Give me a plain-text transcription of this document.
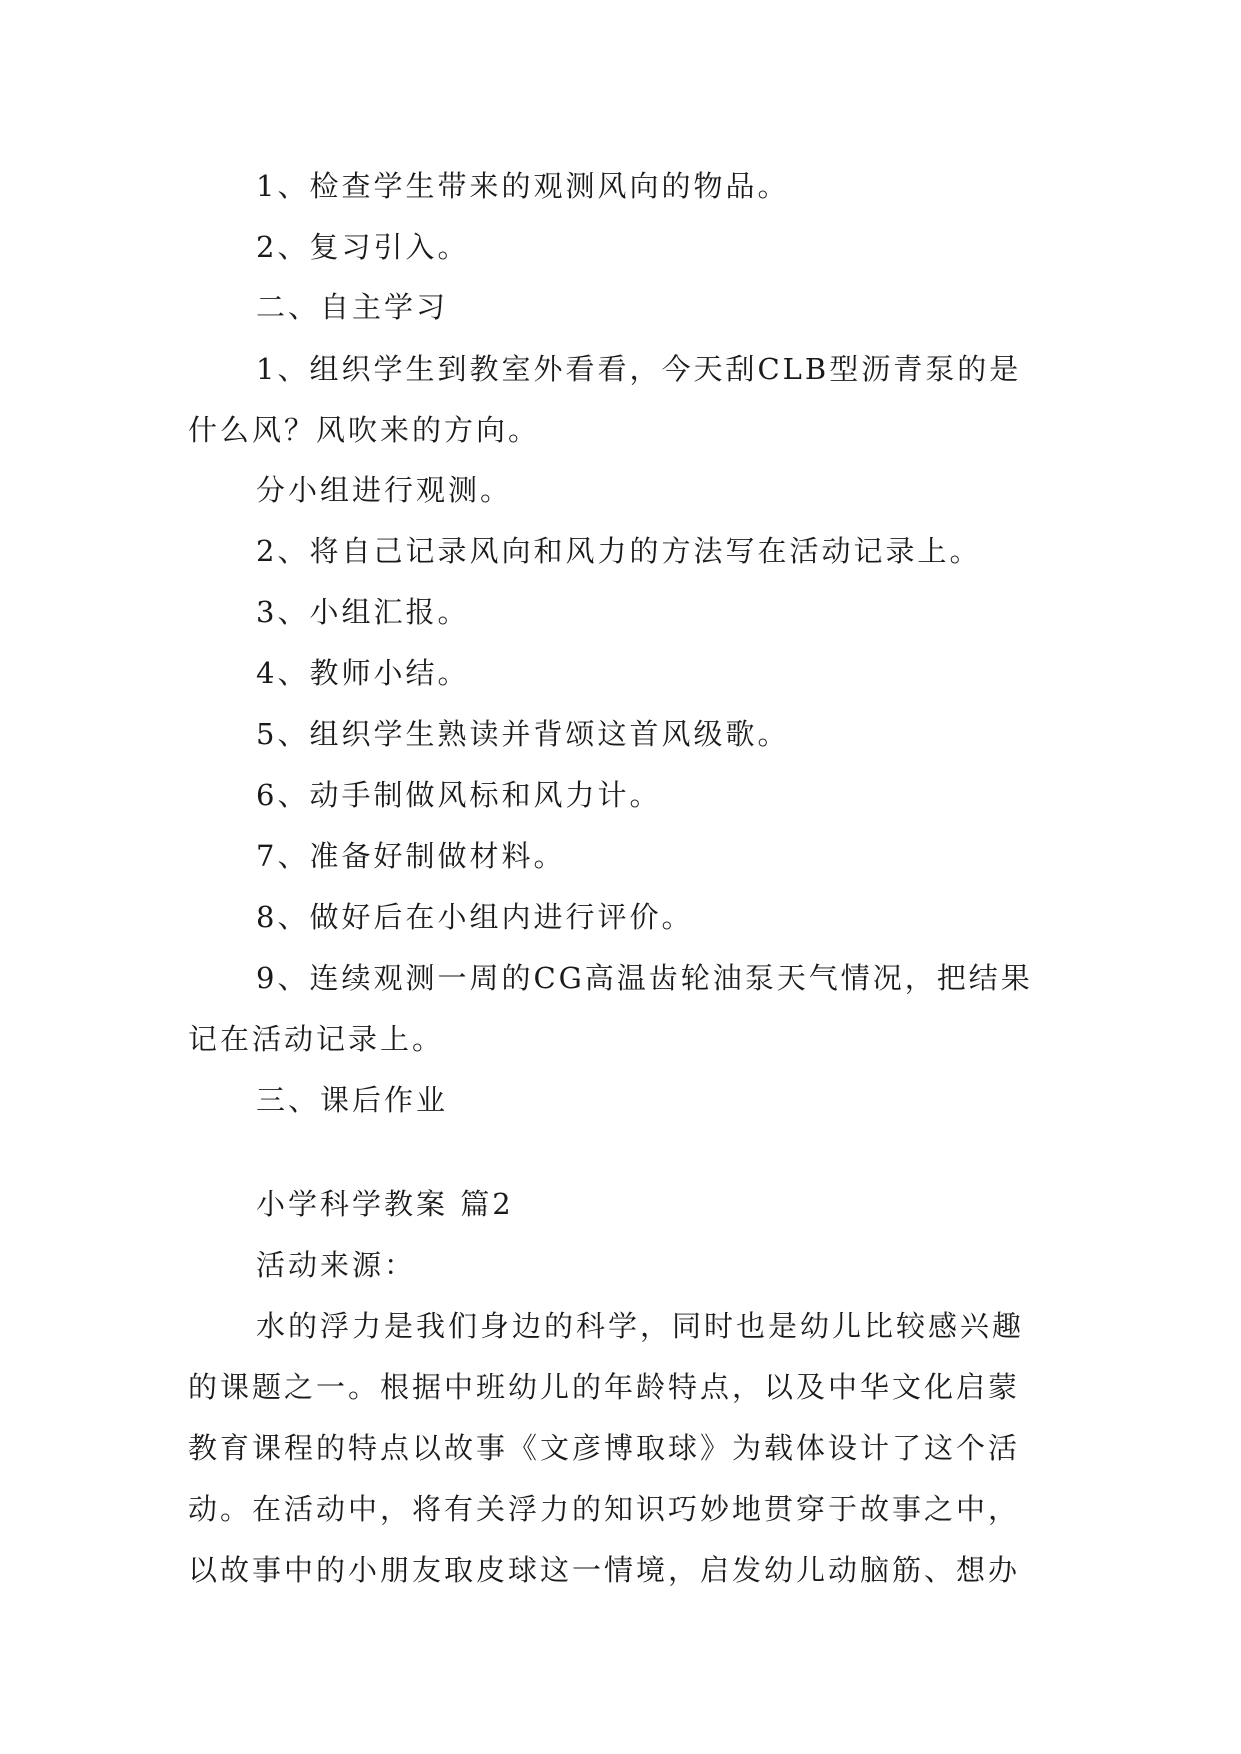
1、检查学生带来的观测风向的物品。
2、复习引入。
二、自主学习
1、组织学生到教室外看看，今天刮CLB型沥青泵的是
什么风？风吹来的方向。
分小组进行观测。
2、将自己记录风向和风力的方法写在活动记录上。
3、小组汇报。
4、教师小结。
5、组织学生熟读并背颂这首风级歌。
6、动手制做风标和风力计。
7、准备好制做材料。
8、做好后在小组内进行评价。
9、连续观测一周的CG高温齿轮油泵天气情况，把结果
记在活动记录上。
三、课后作业
小学科学教案 篇2
活动来源：
水的浮力是我们身边的科学，同时也是幼儿比较感兴趣
的课题之一。根据中班幼儿的年龄特点，以及中华文化启蒙
教育课程的特点以故事《文彦博取球》为载体设计了这个活
动。在活动中，将有关浮力的知识巧妙地贯穿于故事之中，
以故事中的小朋友取皮球这一情境，启发幼儿动脑筋、想办
